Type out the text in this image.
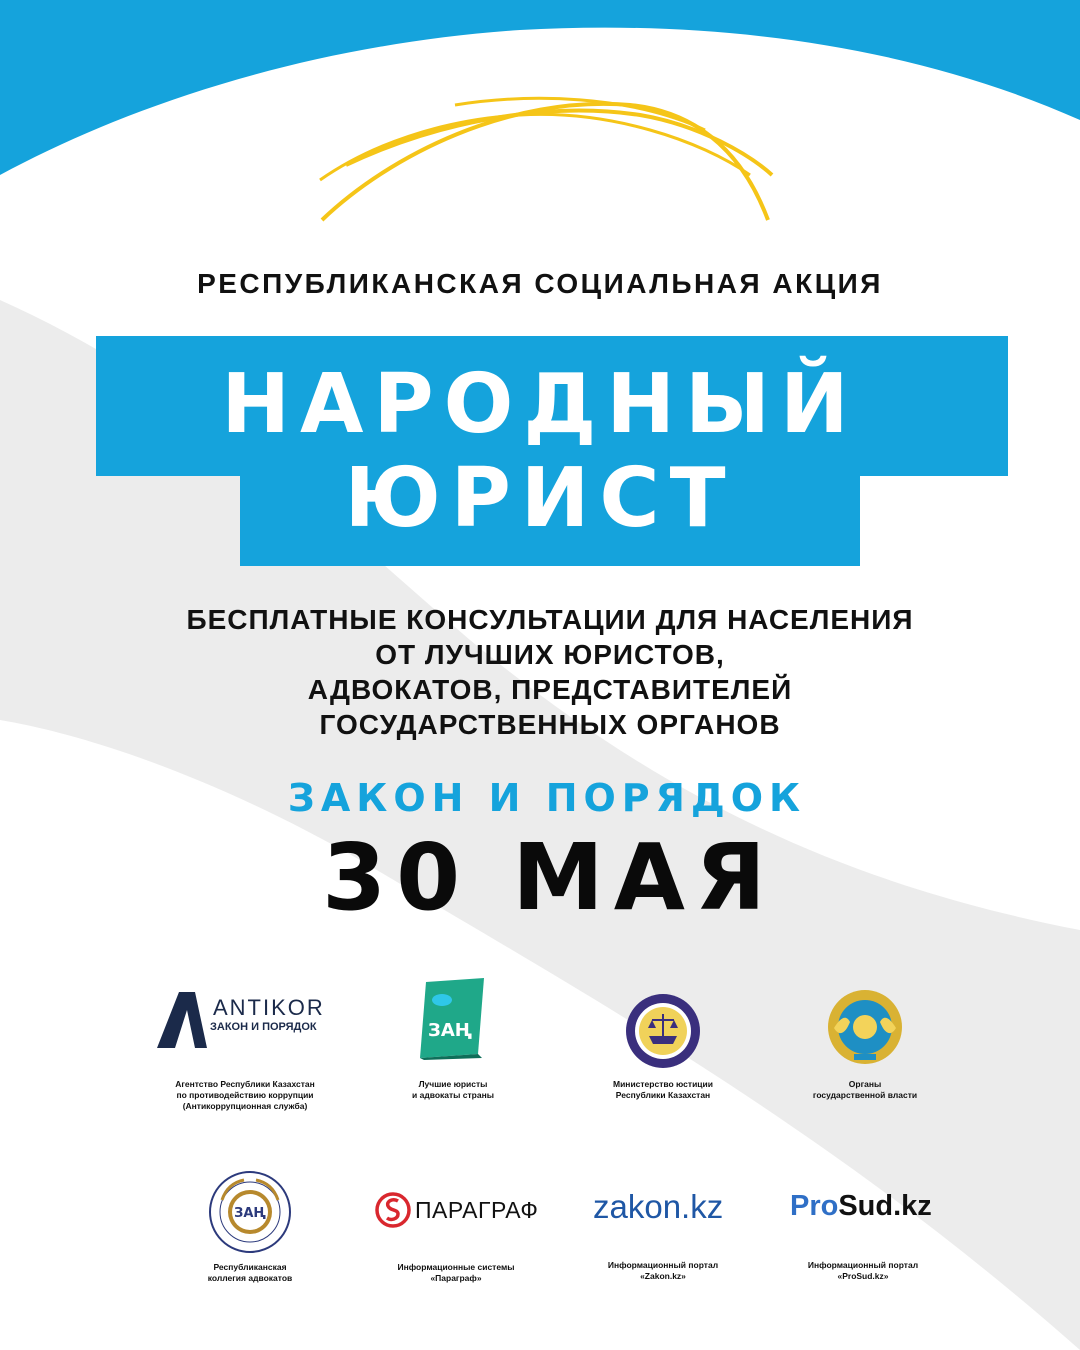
РЕСПУБЛИКАНСКАЯ СОЦИАЛЬНАЯ АКЦИЯ
НАРОДНЫЙ
ЮРИСТ
БЕСПЛАТНЫЕ КОНСУЛЬТАЦИИ ДЛЯ НАСЕЛЕНИЯ
ОТ ЛУЧШИХ ЮРИСТОВ,
АДВОКАТОВ, ПРЕДСТАВИТЕЛЕЙ
ГОСУДАРСТВЕННЫХ ОРГАНОВ
ЗАКОН И ПОРЯДОК
30 МАЯ
ANTIKOR
ЗАКОН И ПОРЯДОК
Агентство Республики Казахстан
по противодействию коррупции
(Антикоррупционная служба)
ЗАҢ
Лучшие юристы
и адвокаты страны
Министерство юстиции
Республики Казахстан
Органы
государственной власти
ЗАҢ
Республиканская
коллегия адвокатов
ПАРАГРАФ
Информационные системы
«Параграф»
zakon.kz
Информационный портал
«Zakon.kz»
ProSud.kz
Информационный портал
«ProSud.kz»
